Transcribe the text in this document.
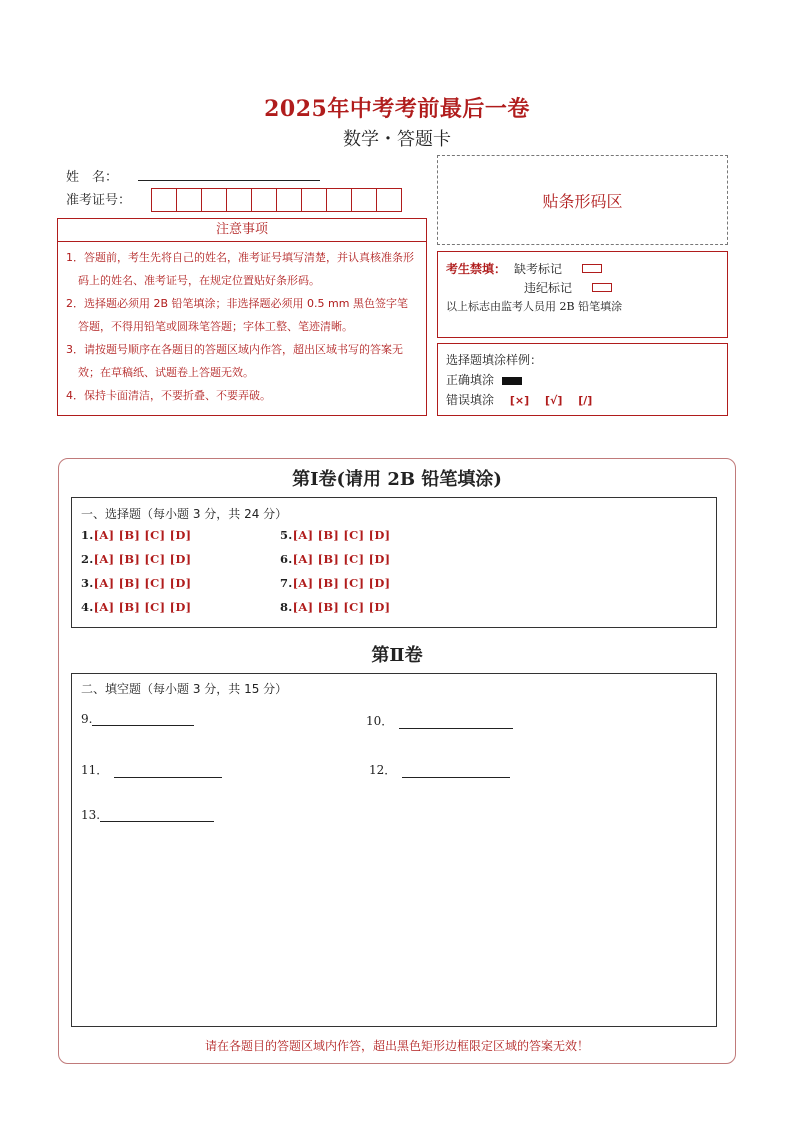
2025年中考考前最后一卷
数学・答题卡
姓　名：
准考证号：	贴条形码区
注意事项
1．答题前，考生先将自己的姓名，准考证号填写清楚，并认真核准条形码上的姓名、准考证号，在规定位置贴好条形码。
2．选择题必须用 2B 铅笔填涂；非选择题必须用 0.5 mm 黑色签字笔答题，不得用铅笔或圆珠笔答题；字体工整、笔迹清晰。
3．请按题号顺序在各题目的答题区域内作答，超出区域书写的答案无效；在草稿纸、试题卷上答题无效。
4．保持卡面清洁，不要折叠、不要弄破。
考生禁填： 缺考标记
违纪标记
以上标志由监考人员用 2B 铅笔填涂
选择题填涂样例：
正确填涂
错误填涂 [×] [√] [/]
第Ⅰ卷(请用 2B 铅笔填涂)
一、选择题（每小题 3 分，共 24 分）
1.[A] [B] [C] [D]
2.[A] [B] [C] [D]
3.[A] [B] [C] [D]
4.[A] [B] [C] [D]
5.[A] [B] [C] [D]
6.[A] [B] [C] [D]
7.[A] [B] [C] [D]
8.[A] [B] [C] [D]
第Ⅱ卷
二、填空题（每小题 3 分，共 15 分）
9.	10．
11．	12．
13.
请在各题目的答题区域内作答，超出黑色矩形边框限定区域的答案无效！
